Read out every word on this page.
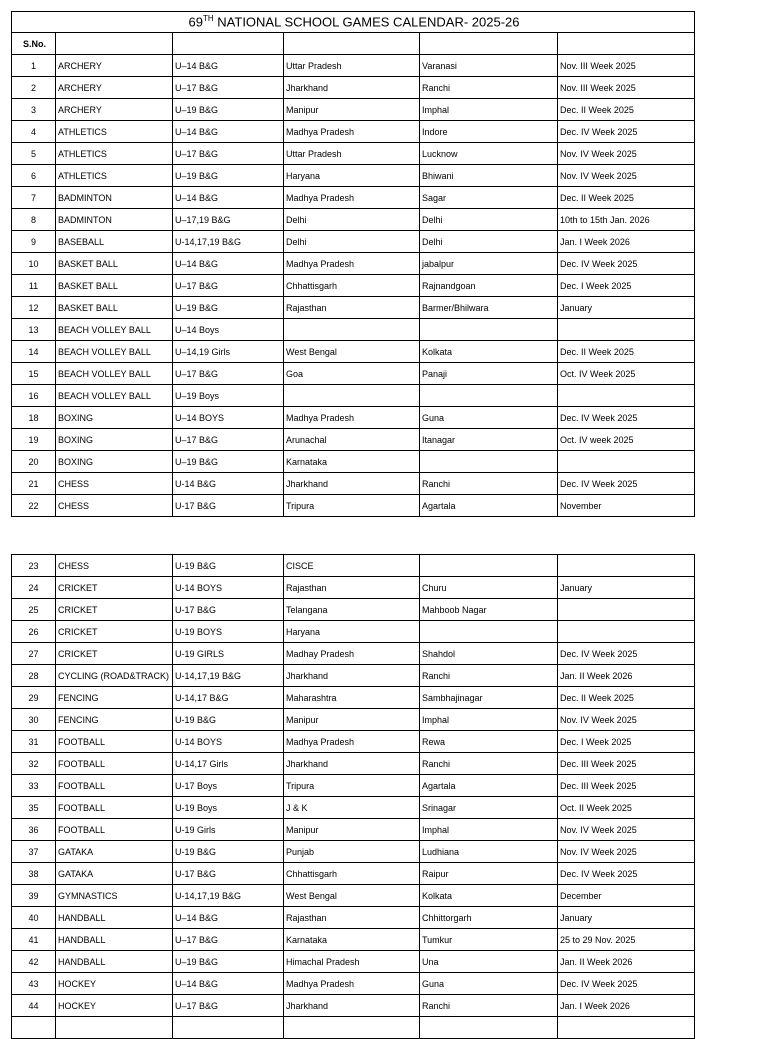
69TH NATIONAL SCHOOL GAMES CALENDAR- 2025-26					
S.No.					
1	ARCHERY	U–14 B&G	Uttar Pradesh	Varanasi	Nov. III Week 2025
2	ARCHERY	U–17 B&G	Jharkhand	Ranchi	Nov. III Week 2025
3	ARCHERY	U–19 B&G	Manipur	Imphal	Dec. II Week 2025
4	ATHLETICS	U–14 B&G	Madhya Pradesh	Indore	Dec. IV Week 2025
5	ATHLETICS	U–17 B&G	Uttar Pradesh	Lucknow	Nov. IV Week 2025
6	ATHLETICS	U–19 B&G	Haryana	Bhiwani	Nov. IV Week 2025
7	BADMINTON	U–14 B&G	Madhya Pradesh	Sagar	Dec. II Week 2025
8	BADMINTON	U–17,19 B&G	Delhi	Delhi	10th to 15th Jan. 2026
9	BASEBALL	U-14,17,19 B&G	Delhi	Delhi	Jan. I Week 2026
10	BASKET BALL	U–14 B&G	Madhya Pradesh	jabalpur	Dec. IV Week 2025
11	BASKET BALL	U–17 B&G	Chhattisgarh	Rajnandgoan	Dec. I Week 2025
12	BASKET BALL	U–19 B&G	Rajasthan	Barmer/Bhilwara	January
13	BEACH VOLLEY BALL	U–14 Boys			
14	BEACH VOLLEY BALL	U–14,19 Girls	West Bengal	Kolkata	Dec. II Week 2025
15	BEACH VOLLEY BALL	U–17 B&G	Goa	Panaji	Oct. IV Week 2025
16	BEACH VOLLEY BALL	U–19 Boys			
18	BOXING	U–14 BOYS	Madhya Pradesh	Guna	Dec. IV Week 2025
19	BOXING	U–17 B&G	Arunachal	Itanagar	Oct. IV week 2025
20	BOXING	U–19 B&G	Karnataka		
21	CHESS	U-14 B&G	Jharkhand	Ranchi	Dec. IV Week 2025
22	CHESS	U-17 B&G	Tripura	Agartala	November
23	CHESS	U-19 B&G	CISCE		
24	CRICKET	U-14 BOYS	Rajasthan	Churu	January
25	CRICKET	U-17 B&G	Telangana	Mahboob Nagar	
26	CRICKET	U-19 BOYS	Haryana		
27	CRICKET	U-19 GIRLS	Madhay Pradesh	Shahdol	Dec. IV Week 2025
28	CYCLING (ROAD&TRACK)	U-14,17,19 B&G	Jharkhand	Ranchi	Jan. II Week 2026
29	FENCING	U-14,17 B&G	Maharashtra	Sambhajinagar	Dec. II Week 2025
30	FENCING	U-19 B&G	Manipur	Imphal	Nov. IV Week 2025
31	FOOTBALL	U-14 BOYS	Madhya Pradesh	Rewa	Dec. I Week 2025
32	FOOTBALL	U-14,17 Girls	Jharkhand	Ranchi	Dec. III Week 2025
33	FOOTBALL	U-17 Boys	Tripura	Agartala	Dec. III Week 2025
35	FOOTBALL	U-19 Boys	J & K	Srinagar	Oct. II Week 2025
36	FOOTBALL	U-19 Girls	Manipur	Imphal	Nov. IV Week 2025
37	GATAKA	U-19 B&G	Punjab	Ludhiana	Nov. IV Week 2025
38	GATAKA	U-17 B&G	Chhattisgarh	Raipur	Dec. IV Week 2025
39	GYMNASTICS	U-14,17,19 B&G	West Bengal	Kolkata	December
40	HANDBALL	U–14 B&G	Rajasthan	Chhittorgarh	January
41	HANDBALL	U–17 B&G	Karnataka	Tumkur	25 to 29 Nov. 2025
42	HANDBALL	U–19 B&G	Himachal Pradesh	Una	Jan. II Week 2026
43	HOCKEY	U–14 B&G	Madhya Pradesh	Guna	Dec. IV Week 2025
44	HOCKEY	U–17 B&G	Jharkhand	Ranchi	Jan. I Week 2026
